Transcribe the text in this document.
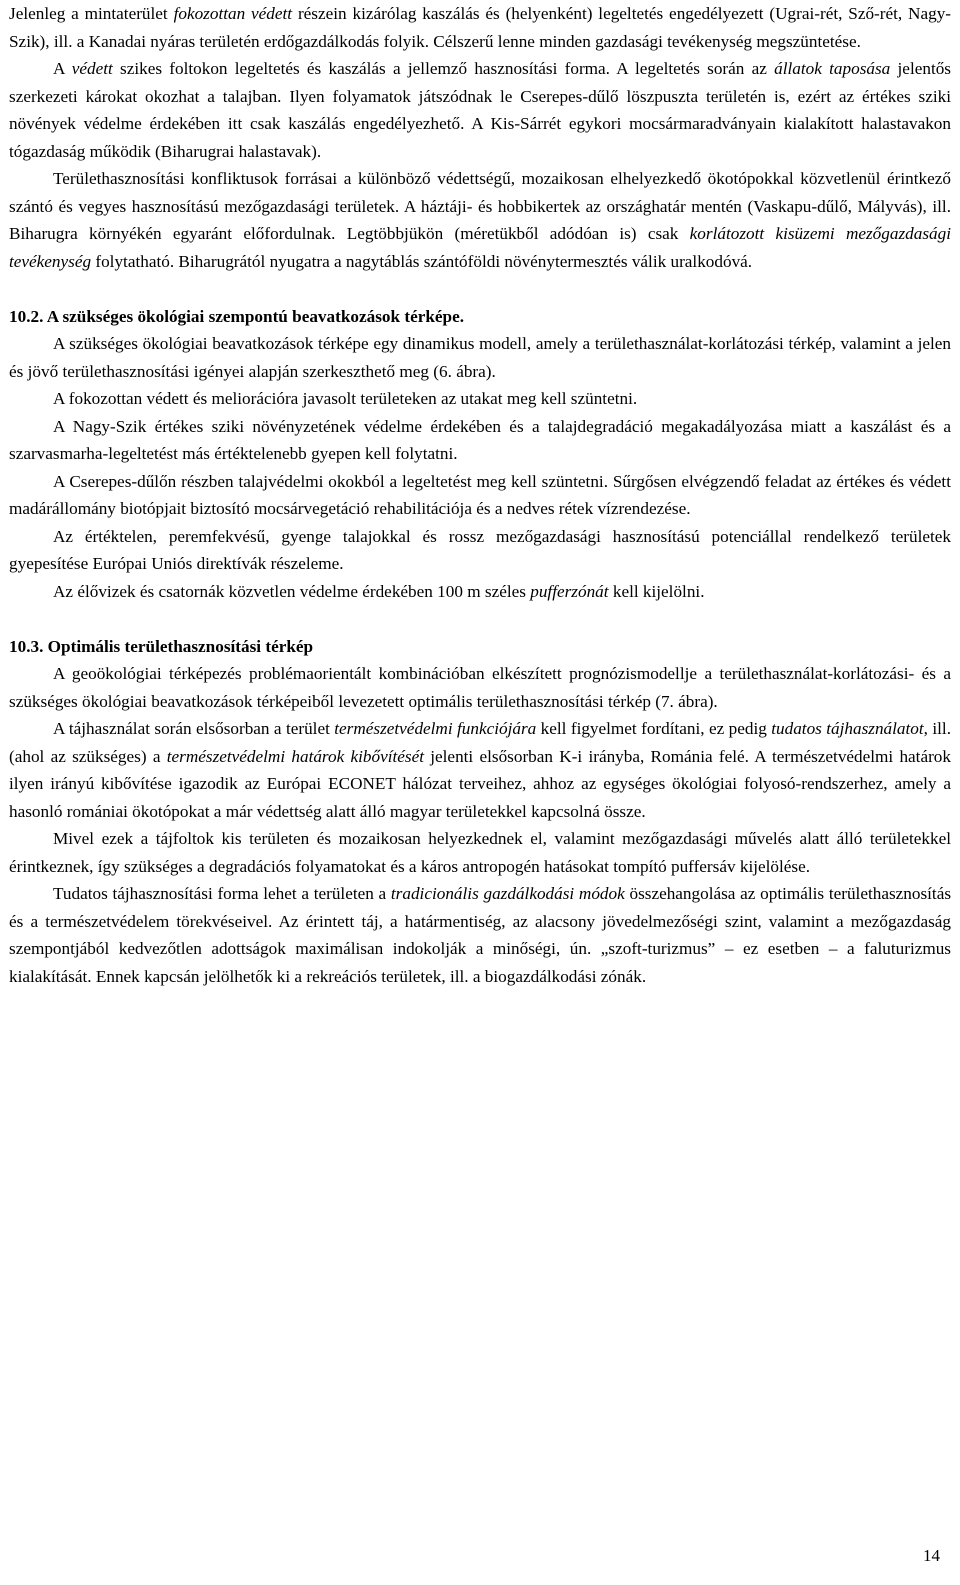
Jelenleg a mintaterület fokozottan védett részein kizárólag kaszálás és (helyenként) legeltetés engedélyezett (Ugrai-rét, Sző-rét, Nagy-Szik), ill. a Kanadai nyáras területén erdőgazdálkodás folyik. Célszerű lenne minden gazdasági tevékenység megszüntetése.

A védett szikes foltokon legeltetés és kaszálás a jellemző hasznosítási forma. A legeltetés során az állatok taposása jelentős szerkezeti károkat okozhat a talajban. Ilyen folyamatok játszódnak le Cserepes-dűlő löszpuszta területén is, ezért az értékes sziki növények védelme érdekében itt csak kaszálás engedélyezhető. A Kis-Sárrét egykori mocsármaradványain kialakított halastavakon tógazdaság működik (Biharugrai halastavak).

Területhasznosítási konfliktusok forrásai a különböző védettségű, mozaikosan elhelyezkedő ökotópokkal közvetlenül érintkező szántó és vegyes hasznosítású mezőgazdasági területek. A háztáji- és hobbikertek az országhatár mentén (Vaskapu-dűlő, Mályvás), ill. Biharugra környékén egyaránt előfordulnak. Legtöbbjükön (méretükből adódóan is) csak korlátozott kisüzemi mezőgazdasági tevékenység folytatható. Biharugrától nyugatra a nagytáblás szántóföldi növénytermesztés válik uralkodóvá.

10.2. A szükséges ökológiai szempontú beavatkozások térképe.

A szükséges ökológiai beavatkozások térképe egy dinamikus modell, amely a területhasználat-korlátozási térkép, valamint a jelen és jövő területhasznosítási igényei alapján szerkeszthető meg (6. ábra).

A fokozottan védett és meliorációra javasolt területeken az utakat meg kell szüntetni.

A Nagy-Szik értékes sziki növényzetének védelme érdekében és a talajdegradáció megakadályozása miatt a kaszálást és a szarvasmarha-legeltetést más értéktelenebb gyepen kell folytatni.

A Cserepes-dűlőn részben talajvédelmi okokból a legeltetést meg kell szüntetni. Sűrgősen elvégzendő feladat az értékes és védett madárállomány biotópjait biztosító mocsárvegetáció rehabilitációja és a nedves rétek vízrendezése.

Az értéktelen, peremfekvésű, gyenge talajokkal és rossz mezőgazdasági hasznosítású potenciállal rendelkező területek gyepesítése Európai Uniós direktívák részeleme.

Az élővizek és csatornák közvetlen védelme érdekében 100 m széles pufferzónát kell kijelölni.

10.3. Optimális területhasznosítási térkép

A geoökológiai térképezés problémaorientált kombinációban elkészített prognózismodellje a területhasználat-korlátozási- és a szükséges ökológiai beavatkozások térképeiből levezetett optimális területhasznosítási térkép (7. ábra).

A tájhasználat során elsősorban a terület természetvédelmi funkciójára kell figyelmet fordítani, ez pedig tudatos tájhasználatot, ill. (ahol az szükséges) a természetvédelmi határok kibővítését jelenti elsősorban K-i irányba, Románia felé. A természetvédelmi határok ilyen irányú kibővítése igazodik az Európai ECONET hálózat terveihez, ahhoz az egységes ökológiai folyosó-rendszerhez, amely a hasonló romániai ökotópokat a már védettség alatt álló magyar területekkel kapcsolná össze.

Mivel ezek a tájfoltok kis területen és mozaikosan helyezkednek el, valamint mezőgazdasági művelés alatt álló területekkel érintkeznek, így szükséges a degradációs folyamatokat és a káros antropogén hatásokat tompító puffersáv kijelölése.

Tudatos tájhasznosítási forma lehet a területen a tradicionális gazdálkodási módok összehangolása az optimális területhasznosítás és a természetvédelem törekvéseivel. Az érintett táj, a határmentiség, az alacsony jövedelmezőségi szint, valamint a mezőgazdaság szempontjából kedvezőtlen adottságok maximálisan indokolják a minőségi, ún. „szoft-turizmus” – ez esetben – a faluturizmus kialakítását. Ennek kapcsán jelölhetők ki a rekreációs területek, ill. a biogazdálkodási zónák.

14
